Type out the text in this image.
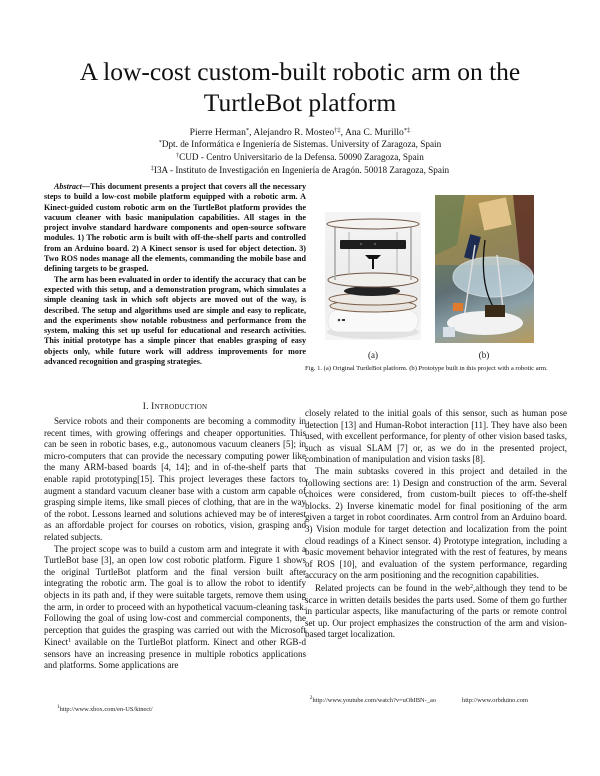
A low-cost custom-built robotic arm on the
TurtleBot platform
Pierre Herman*, Alejandro R. Mosteo†‡, Ana C. Murillo*‡
*Dpt. de Informática e Ingeniería de Sistemas. University of Zaragoza, Spain
†CUD - Centro Universitario de la Defensa. 50090 Zaragoza, Spain
‡I3A - Instituto de Investigación en Ingeniería de Aragón. 50018 Zaragoza, Spain

Abstract—This document presents a project that covers all the necessary steps to build a low-cost mobile platform equipped with a robotic arm. A Kinect-guided custom robotic arm on the TurtleBot platform provides the vacuum cleaner with basic manipulation capabilities. All stages in the project involve standard hardware components and open-source software modules. 1) The robotic arm is built with off-the-shelf parts and controlled from an Arduino board. 2) A Kinect sensor is used for object detection. 3) Two ROS nodes manage all the elements, commanding the mobile base and defining targets to be grasped.

The arm has been evaluated in order to identify the accuracy that can be expected with this setup, and a demonstration program, which simulates a simple cleaning task in which soft objects are moved out of the way, is described. The setup and algorithms used are simple and easy to replicate, and the experiments show notable robustness and performance from the system, making this set up useful for educational and research activities. This initial prototype has a simple pincer that enables grasping of easy objects only, while future work will address improvements for more advanced recognition and grasping strategies.

(a)	(b)
Fig. 1. (a) Original TurtleBot platform. (b) Prototype built in this project with a robotic arm.
I. Introduction

Service robots and their components are becoming a commodity in recent times, with growing offerings and cheaper opportunities. This can be seen in robotic bases, e.g., autonomous vacuum cleaners [5]; in micro-computers that can provide the necessary computing power like the many ARM-based boards [4, 14]; and in of-the-shelf parts that enable rapid prototyping[15]. This project leverages these factors to augment a standard vacuum cleaner base with a custom arm capable of grasping simple items, like small pieces of clothing, that are in the way of the robot. Lessons learned and solutions achieved may be of interest as an affordable project for courses on robotics, vision, grasping and related subjects.

The project scope was to build a custom arm and integrate it with a TurtleBot base [3], an open low cost robotic platform. Figure 1 shows the original TurtleBot platform and the final version built after integrating the robotic arm. The goal is to allow the robot to identify objects in its path and, if they were suitable targets, remove them using the arm, in order to proceed with an hypothetical vacuum-cleaning task. Following the goal of using low-cost and commercial components, the perception that guides the grasping was carried out with the Microsoft Kinect$^1$ available on the TurtleBot platform. Kinect and other RGB-d sensors have an increasing presence in multiple robotics applications and platforms. Some applications are

closely related to the initial goals of this sensor, such as human pose detection [13] and Human-Robot interaction [11]. They have also been used, with excellent performance, for plenty of other vision based tasks, such as visual SLAM [7] or, as we do in the presented project, combination of manipulation and vision tasks [8].

The main subtasks covered in this project and detailed in the following sections are: 1) Design and construction of the arm. Several choices were considered, from custom-built pieces to off-the-shelf blocks. 2) Inverse kinematic model for final positioning of the arm given a target in robot coordinates. Arm control from an Arduino board. 3) Vision module for target detection and localization from the point cloud readings of a Kinect sensor. 4) Prototype integration, including a basic movement behavior integrated with the rest of features, by means of ROS [10], and evaluation of the system performance, regarding accuracy on the arm positioning and the recognition capabilities.

Related projects can be found in the web$^2$,although they tend to be scarce in written details besides the parts used. Some of them go further in particular aspects, like manufacturing of the parts or remote control set up. Our project emphasizes the construction of the arm and vision-based target localization.

$^1$http://www.xbox.com/en-US/kinect/
$^2$http://www.youtube.com/watch?v=uOhIBN-_ao	http://www.orbduino.com
